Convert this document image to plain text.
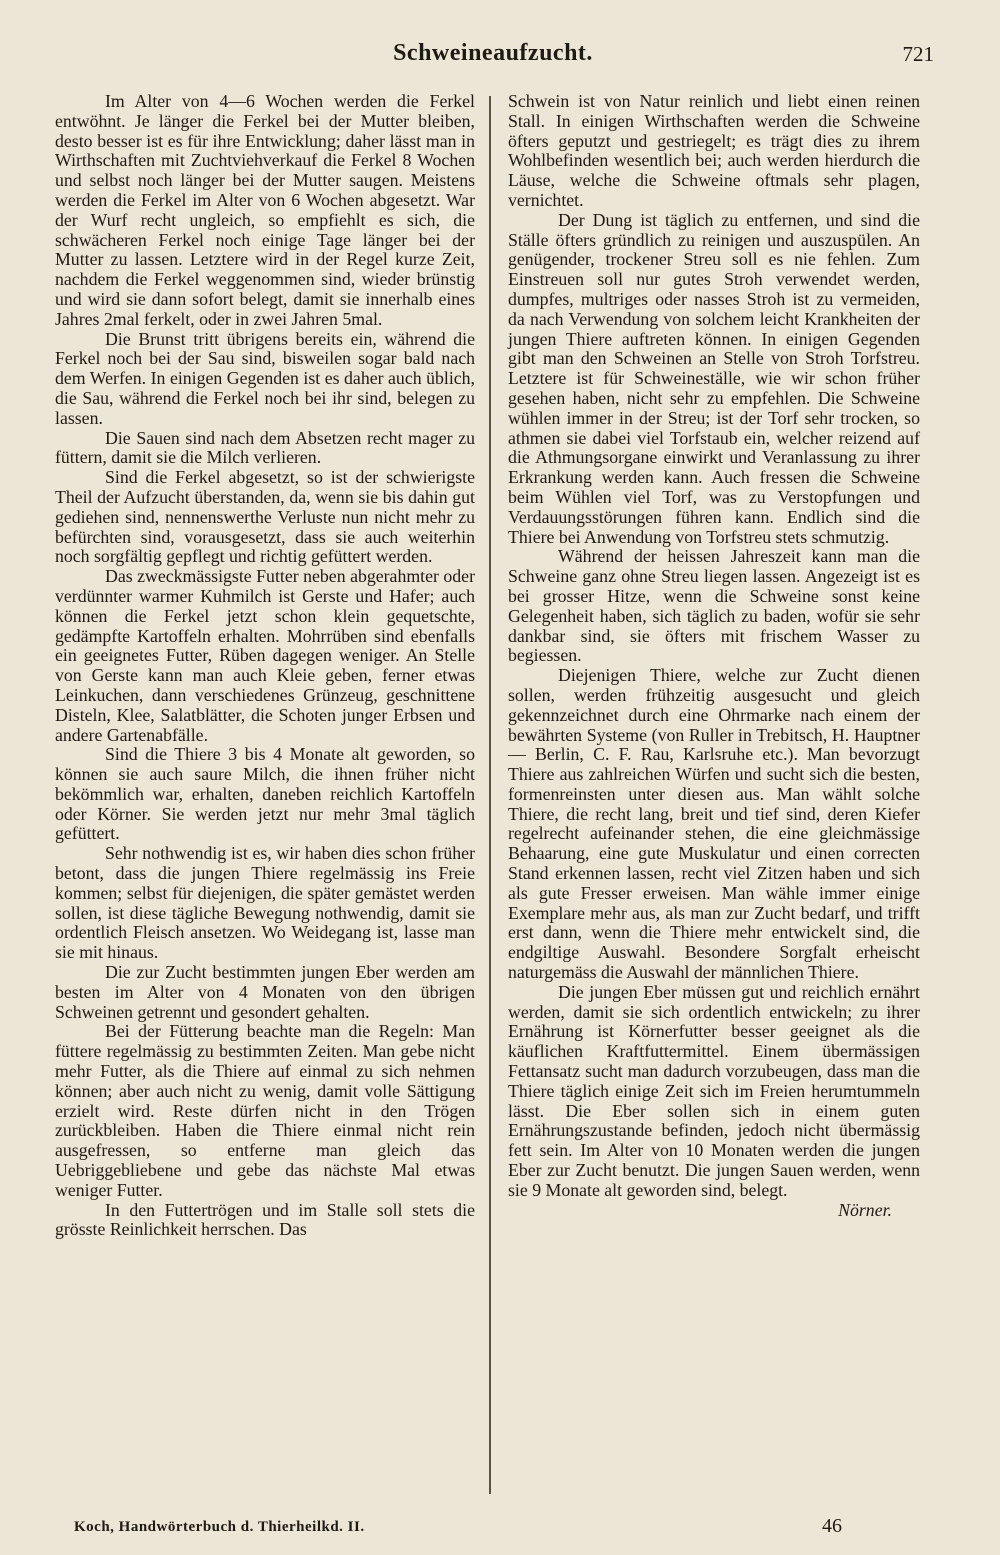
Schweineaufzucht.	721

Im Alter von 4—6 Wochen werden die Ferkel entwöhnt. Je länger die Ferkel bei der Mutter bleiben, desto besser ist es für ihre Entwicklung; daher lässt man in Wirthschaften mit Zuchtviehverkauf die Ferkel 8 Wochen und selbst noch länger bei der Mutter saugen. Meistens werden die Ferkel im Alter von 6 Wochen abgesetzt. War der Wurf recht ungleich, so empfiehlt es sich, die schwächeren Ferkel noch einige Tage länger bei der Mutter zu lassen. Letztere wird in der Regel kurze Zeit, nachdem die Ferkel weggenommen sind, wieder brünstig und wird sie dann sofort belegt, damit sie innerhalb eines Jahres 2mal ferkelt, oder in zwei Jahren 5mal.

Die Brunst tritt übrigens bereits ein, während die Ferkel noch bei der Sau sind, bisweilen sogar bald nach dem Werfen. In einigen Gegenden ist es daher auch üblich, die Sau, während die Ferkel noch bei ihr sind, belegen zu lassen.

Die Sauen sind nach dem Absetzen recht mager zu füttern, damit sie die Milch verlieren.

Sind die Ferkel abgesetzt, so ist der schwierigste Theil der Aufzucht überstanden, da, wenn sie bis dahin gut gediehen sind, nennenswerthe Verluste nun nicht mehr zu befürchten sind, vorausgesetzt, dass sie auch weiterhin noch sorgfältig gepflegt und richtig gefüttert werden.

Das zweckmässigste Futter neben abgerahmter oder verdünnter warmer Kuhmilch ist Gerste und Hafer; auch können die Ferkel jetzt schon klein gequetschte, gedämpfte Kartoffeln erhalten. Mohrrüben sind ebenfalls ein geeignetes Futter, Rüben dagegen weniger. An Stelle von Gerste kann man auch Kleie geben, ferner etwas Leinkuchen, dann verschiedenes Grünzeug, geschnittene Disteln, Klee, Salatblätter, die Schoten junger Erbsen und andere Gartenabfälle.

Sind die Thiere 3 bis 4 Monate alt geworden, so können sie auch saure Milch, die ihnen früher nicht bekömmlich war, erhalten, daneben reichlich Kartoffeln oder Körner. Sie werden jetzt nur mehr 3mal täglich gefüttert.

Sehr nothwendig ist es, wir haben dies schon früher betont, dass die jungen Thiere regelmässig ins Freie kommen; selbst für diejenigen, die später gemästet werden sollen, ist diese tägliche Bewegung nothwendig, damit sie ordentlich Fleisch ansetzen. Wo Weidegang ist, lasse man sie mit hinaus.

Die zur Zucht bestimmten jungen Eber werden am besten im Alter von 4 Monaten von den übrigen Schweinen getrennt und gesondert gehalten.

Bei der Fütterung beachte man die Regeln: Man füttere regelmässig zu bestimmten Zeiten. Man gebe nicht mehr Futter, als die Thiere auf einmal zu sich nehmen können; aber auch nicht zu wenig, damit volle Sättigung erzielt wird. Reste dürfen nicht in den Trögen zurückbleiben. Haben die Thiere einmal nicht rein ausgefressen, so entferne man gleich das Uebriggebliebene und gebe das nächste Mal etwas weniger Futter.

In den Futtertrögen und im Stalle soll stets die grösste Reinlichkeit herrschen. Das

Schwein ist von Natur reinlich und liebt einen reinen Stall. In einigen Wirthschaften werden die Schweine öfters geputzt und gestriegelt; es trägt dies zu ihrem Wohlbefinden wesentlich bei; auch werden hierdurch die Läuse, welche die Schweine oftmals sehr plagen, vernichtet.

Der Dung ist täglich zu entfernen, und sind die Ställe öfters gründlich zu reinigen und auszuspülen. An genügender, trockener Streu soll es nie fehlen. Zum Einstreuen soll nur gutes Stroh verwendet werden, dumpfes, multriges oder nasses Stroh ist zu vermeiden, da nach Verwendung von solchem leicht Krankheiten der jungen Thiere auftreten können. In einigen Gegenden gibt man den Schweinen an Stelle von Stroh Torfstreu. Letztere ist für Schweineställe, wie wir schon früher gesehen haben, nicht sehr zu empfehlen. Die Schweine wühlen immer in der Streu; ist der Torf sehr trocken, so athmen sie dabei viel Torfstaub ein, welcher reizend auf die Athmungsorgane einwirkt und Veranlassung zu ihrer Erkrankung werden kann. Auch fressen die Schweine beim Wühlen viel Torf, was zu Verstopfungen und Verdauungsstörungen führen kann. Endlich sind die Thiere bei Anwendung von Torfstreu stets schmutzig.

Während der heissen Jahreszeit kann man die Schweine ganz ohne Streu liegen lassen. Angezeigt ist es bei grosser Hitze, wenn die Schweine sonst keine Gelegenheit haben, sich täglich zu baden, wofür sie sehr dankbar sind, sie öfters mit frischem Wasser zu begiessen.

Diejenigen Thiere, welche zur Zucht dienen sollen, werden frühzeitig ausgesucht und gleich gekennzeichnet durch eine Ohrmarke nach einem der bewährten Systeme (von Ruller in Trebitsch, H. Hauptner — Berlin, C. F. Rau, Karlsruhe etc.). Man bevorzugt Thiere aus zahlreichen Würfen und sucht sich die besten, formenreinsten unter diesen aus. Man wählt solche Thiere, die recht lang, breit und tief sind, deren Kiefer regelrecht aufeinander stehen, die eine gleichmässige Behaarung, eine gute Muskulatur und einen correcten Stand erkennen lassen, recht viel Zitzen haben und sich als gute Fresser erweisen. Man wähle immer einige Exemplare mehr aus, als man zur Zucht bedarf, und trifft erst dann, wenn die Thiere mehr entwickelt sind, die endgiltige Auswahl. Besondere Sorgfalt erheischt naturgemäss die Auswahl der männlichen Thiere.

Die jungen Eber müssen gut und reichlich ernährt werden, damit sie sich ordentlich entwickeln; zu ihrer Ernährung ist Körnerfutter besser geeignet als die käuflichen Kraftfuttermittel. Einem übermässigen Fettansatz sucht man dadurch vorzubeugen, dass man die Thiere täglich einige Zeit sich im Freien herumtummeln lässt. Die Eber sollen sich in einem guten Ernährungszustande befinden, jedoch nicht übermässig fett sein. Im Alter von 10 Monaten werden die jungen Eber zur Zucht benutzt. Die jungen Sauen werden, wenn sie 9 Monate alt geworden sind, belegt.

Nörner.

Koch, Handwörterbuch d. Thierheilkd. II.	46
